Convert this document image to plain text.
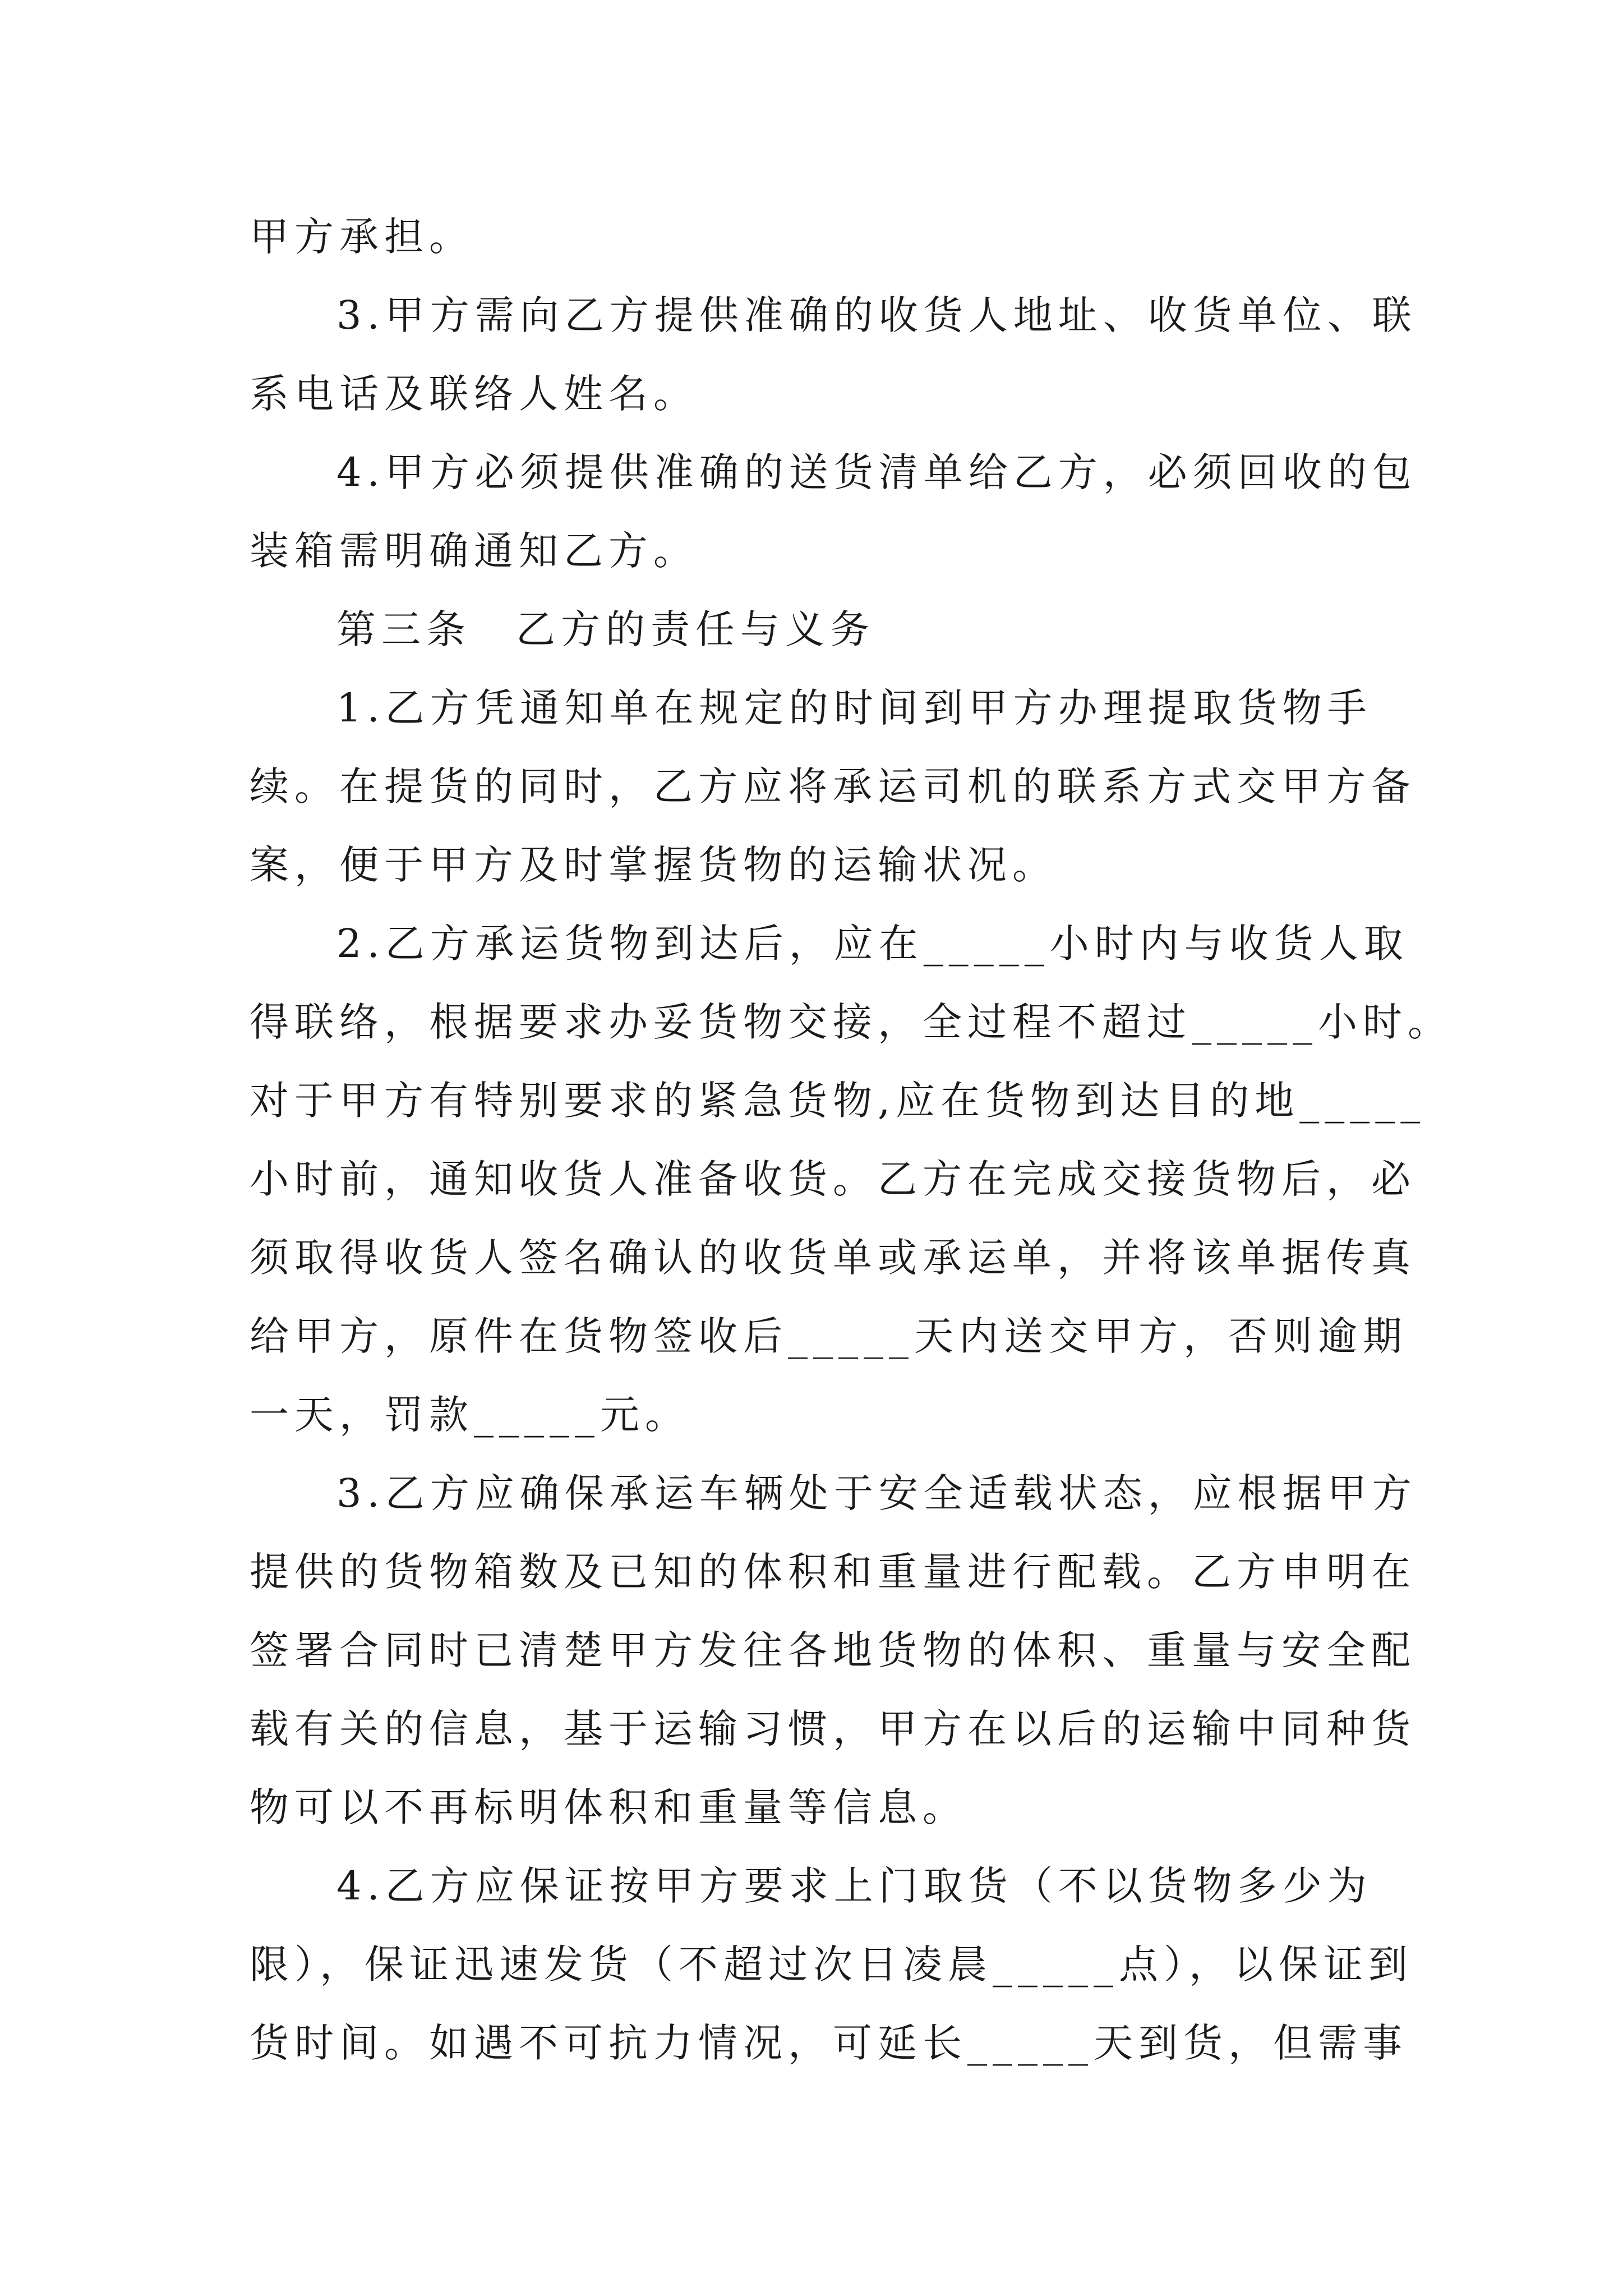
甲方承担。

3.甲方需向乙方提供准确的收货人地址、收货单位、联

系电话及联络人姓名。

4.甲方必须提供准确的送货清单给乙方，必须回收的包

装箱需明确通知乙方。

第三条　乙方的责任与义务

1.乙方凭通知单在规定的时间到甲方办理提取货物手

续。在提货的同时，乙方应将承运司机的联系方式交甲方备

案，便于甲方及时掌握货物的运输状况。

2.乙方承运货物到达后，应在_____小时内与收货人取

得联络，根据要求办妥货物交接，全过程不超过_____小时。

对于甲方有特别要求的紧急货物,应在货物到达目的地_____

小时前，通知收货人准备收货。乙方在完成交接货物后，必

须取得收货人签名确认的收货单或承运单，并将该单据传真

给甲方，原件在货物签收后_____天内送交甲方，否则逾期

一天，罚款_____元。

3.乙方应确保承运车辆处于安全适载状态，应根据甲方

提供的货物箱数及已知的体积和重量进行配载。乙方申明在

签署合同时已清楚甲方发往各地货物的体积、重量与安全配

载有关的信息，基于运输习惯，甲方在以后的运输中同种货

物可以不再标明体积和重量等信息。

4.乙方应保证按甲方要求上门取货（不以货物多少为

限），保证迅速发货（不超过次日凌晨_____点），以保证到

货时间。如遇不可抗力情况，可延长_____天到货，但需事
